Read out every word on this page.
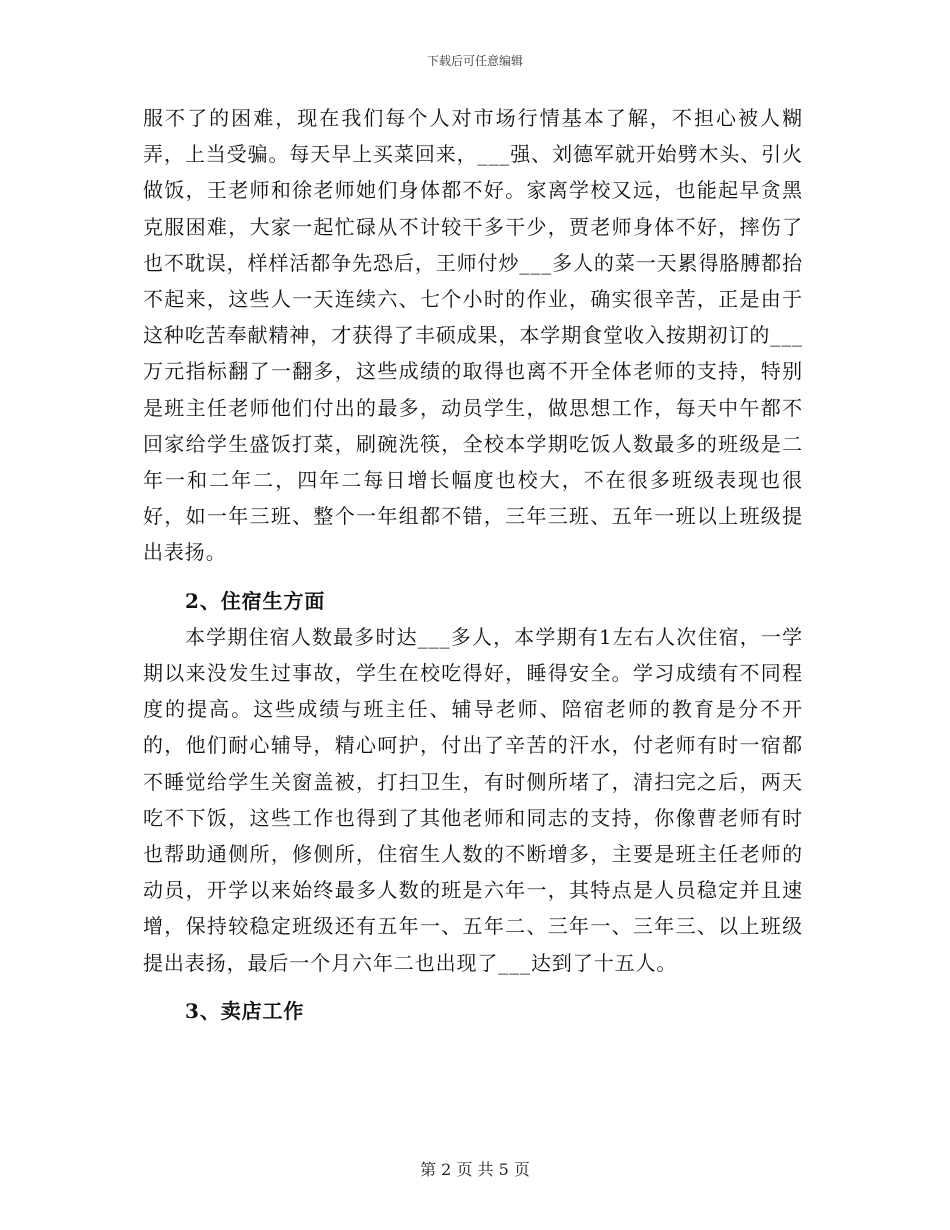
下载后可任意编辑

服不了的困难，现在我们每个人对市场行情基本了解，不担心被人糊弄，上当受骗。每天早上买菜回来，___强、刘德军就开始劈木头、引火做饭，王老师和徐老师她们身体都不好。家离学校又远，也能起早贪黑克服困难，大家一起忙碌从不计较干多干少，贾老师身体不好，摔伤了也不耽误，样样活都争先恐后，王师付炒___多人的菜一天累得胳膊都抬不起来，这些人一天连续六、七个小时的作业，确实很辛苦，正是由于这种吃苦奉献精神，才获得了丰硕成果，本学期食堂收入按期初订的___万元指标翻了一翻多，这些成绩的取得也离不开全体老师的支持，特别是班主任老师他们付出的最多，动员学生，做思想工作，每天中午都不回家给学生盛饭打菜，刷碗洗筷，全校本学期吃饭人数最多的班级是二年一和二年二，四年二每日增长幅度也校大，不在很多班级表现也很好，如一年三班、整个一年组都不错，三年三班、五年一班以上班级提出表扬。

2、住宿生方面

本学期住宿人数最多时达___多人，本学期有1左右人次住宿，一学期以来没发生过事故，学生在校吃得好，睡得安全。学习成绩有不同程度的提高。这些成绩与班主任、辅导老师、陪宿老师的教育是分不开的，他们耐心辅导，精心呵护，付出了辛苦的汗水，付老师有时一宿都不睡觉给学生关窗盖被，打扫卫生，有时侧所堵了，清扫完之后，两天吃不下饭，这些工作也得到了其他老师和同志的支持，你像曹老师有时也帮助通侧所，修侧所，住宿生人数的不断增多，主要是班主任老师的动员，开学以来始终最多人数的班是六年一，其特点是人员稳定并且速增，保持较稳定班级还有五年一、五年二、三年一、三年三、以上班级提出表扬，最后一个月六年二也出现了___达到了十五人。

3、卖店工作

第 2 页 共 5 页
